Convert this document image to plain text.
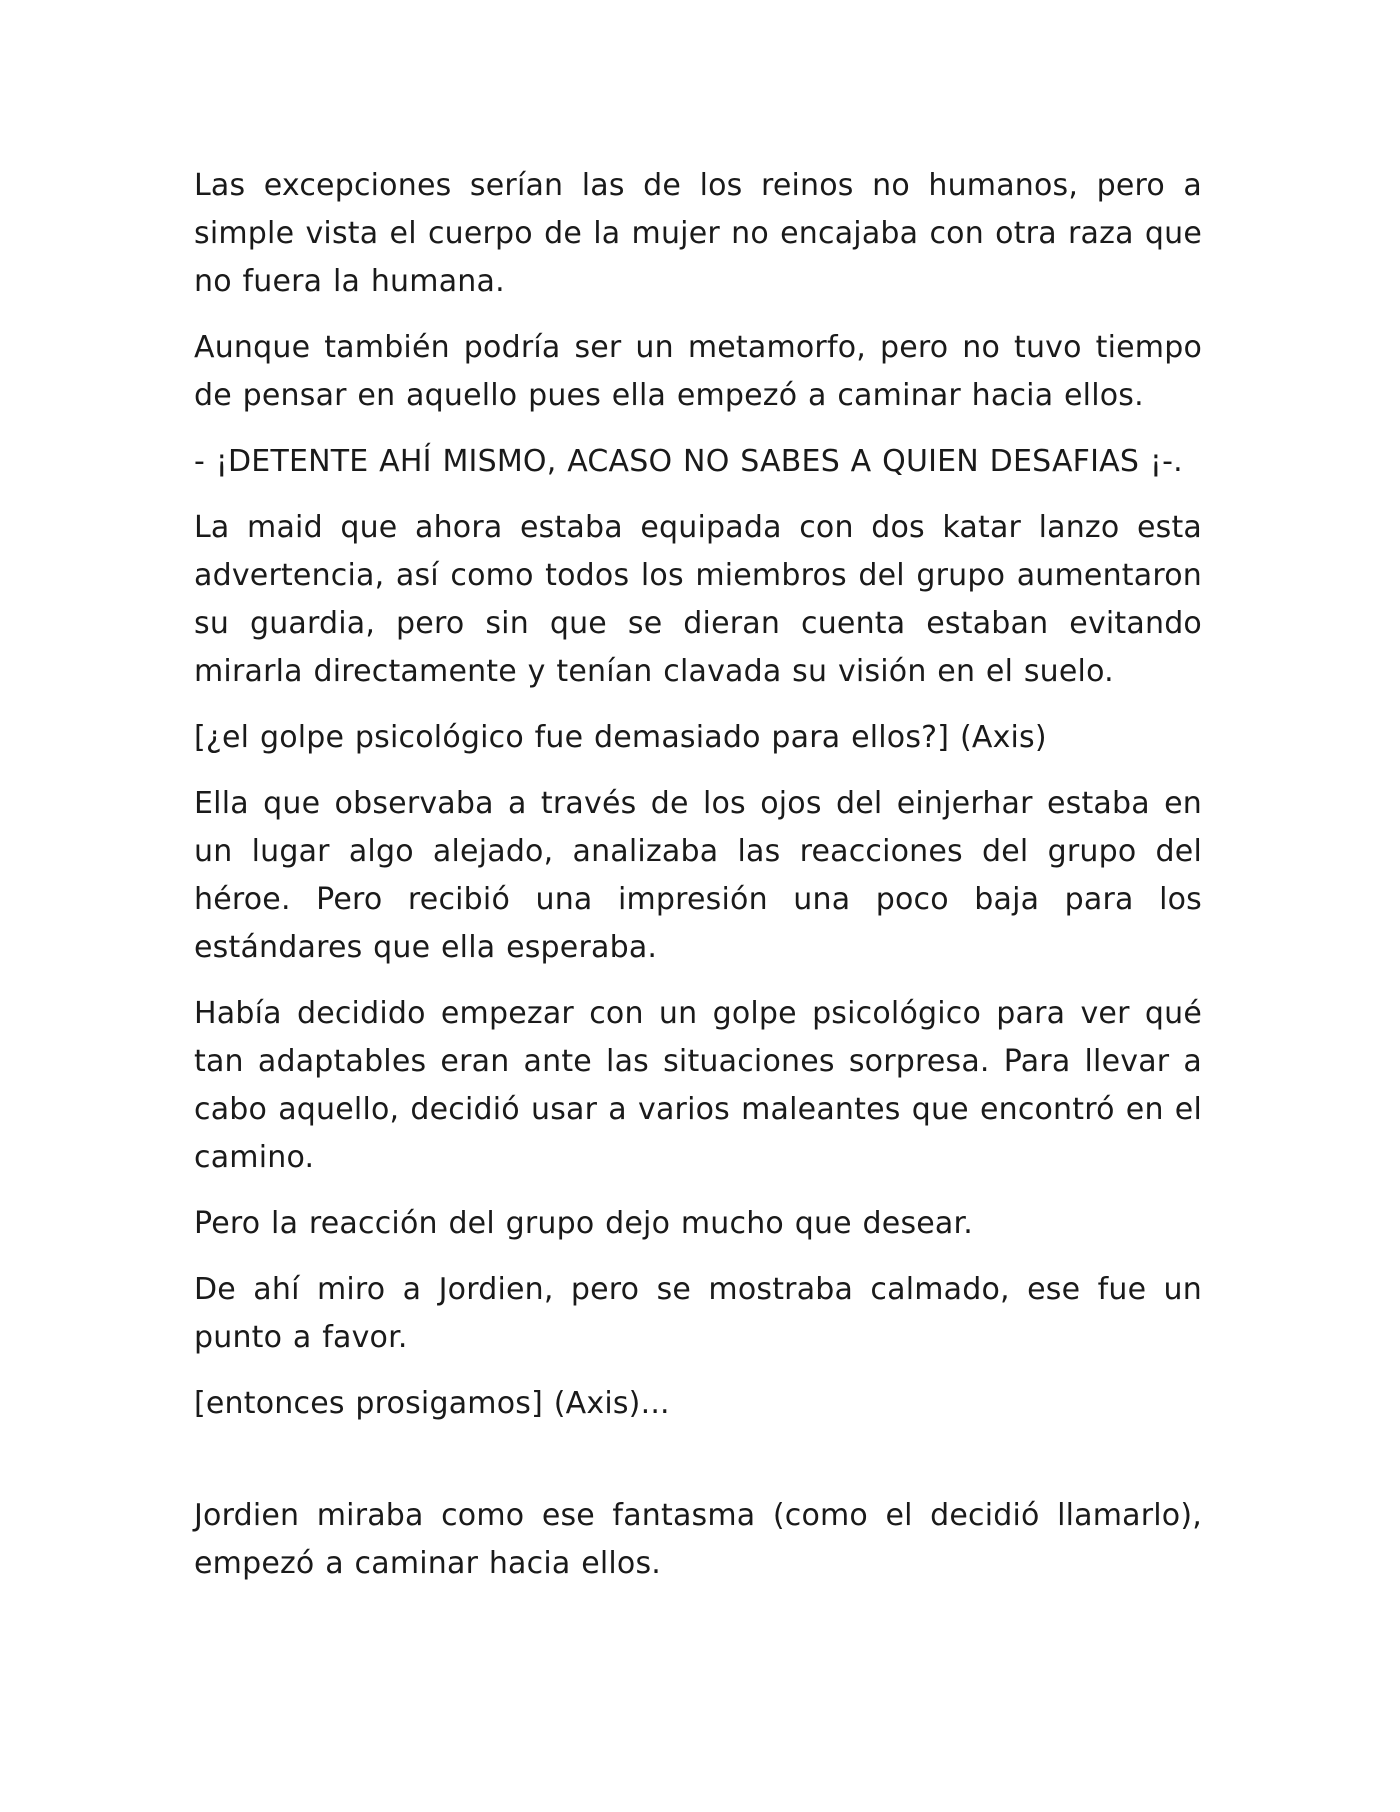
Las excepciones serían las de los reinos no humanos, pero a simple vista el cuerpo de la mujer no encajaba con otra raza que no fuera la humana.

Aunque también podría ser un metamorfo, pero no tuvo tiempo de pensar en aquello pues ella empezó a caminar hacia ellos.

- ¡DETENTE AHÍ MISMO, ACASO NO SABES A QUIEN DESAFIAS ¡-.

La maid que ahora estaba equipada con dos katar lanzo esta advertencia, así como todos los miembros del grupo aumentaron su guardia, pero sin que se dieran cuenta estaban evitando mirarla directamente y tenían clavada su visión en el suelo.

[¿el golpe psicológico fue demasiado para ellos?] (Axis)

Ella que observaba a través de los ojos del einjerhar estaba en un lugar algo alejado, analizaba las reacciones del grupo del héroe. Pero recibió una impresión una poco baja para los estándares que ella esperaba.

Había decidido empezar con un golpe psicológico para ver qué tan adaptables eran ante las situaciones sorpresa. Para llevar a cabo aquello, decidió usar a varios maleantes que encontró en el camino.

Pero la reacción del grupo dejo mucho que desear.

De ahí miro a Jordien, pero se mostraba calmado, ese fue un punto a favor.

[entonces prosigamos] (Axis)...

Jordien miraba como ese fantasma (como el decidió llamarlo), empezó a caminar hacia ellos.
